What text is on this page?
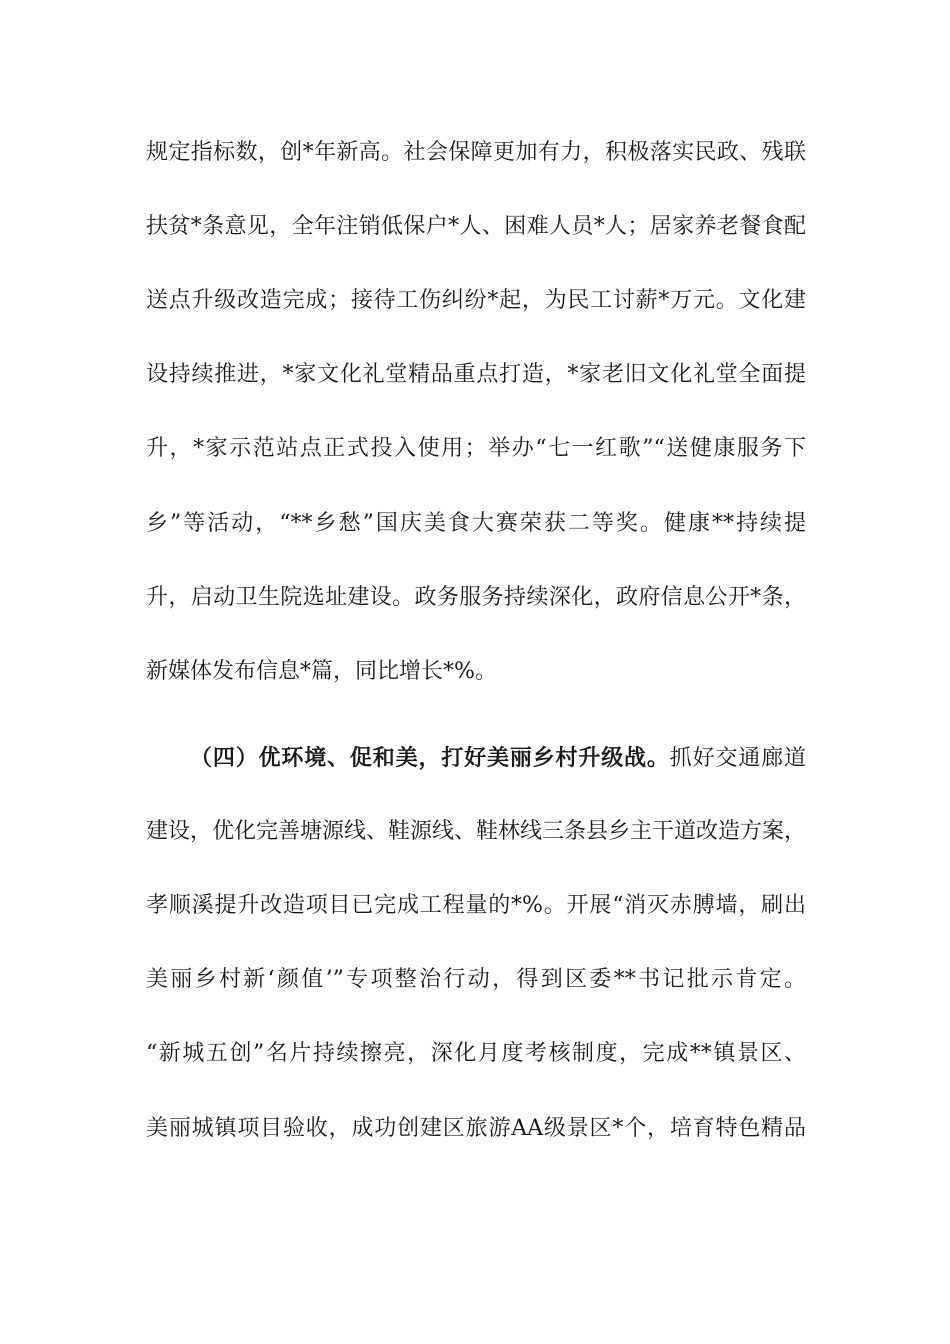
规定指标数，创*年新高。社会保障更加有力，积极落实民政、残联
扶贫*条意见，全年注销低保户*人、困难人员*人；居家养老餐食配
送点升级改造完成；接待工伤纠纷*起，为民工讨薪*万元。文化建
设持续推进，*家文化礼堂精品重点打造，*家老旧文化礼堂全面提
升，*家示范站点正式投入使用；举办“七一红歌”“送健康服务下
乡”等活动，“**乡愁”国庆美食大赛荣获二等奖。健康**持续提
升，启动卫生院选址建设。政务服务持续深化，政府信息公开*条，
新媒体发布信息*篇，同比增长*%。
（四）优环境、促和美，打好美丽乡村升级战。抓好交通廊道
建设，优化完善塘源线、鞋源线、鞋林线三条县乡主干道改造方案，
孝顺溪提升改造项目已完成工程量的*%。开展“消灭赤膊墙，刷出
美丽乡村新‘颜值’”专项整治行动，得到区委**书记批示肯定。
“新城五创”名片持续擦亮，深化月度考核制度，完成**镇景区、
美丽城镇项目验收，成功创建区旅游AA级景区*个，培育特色精品
